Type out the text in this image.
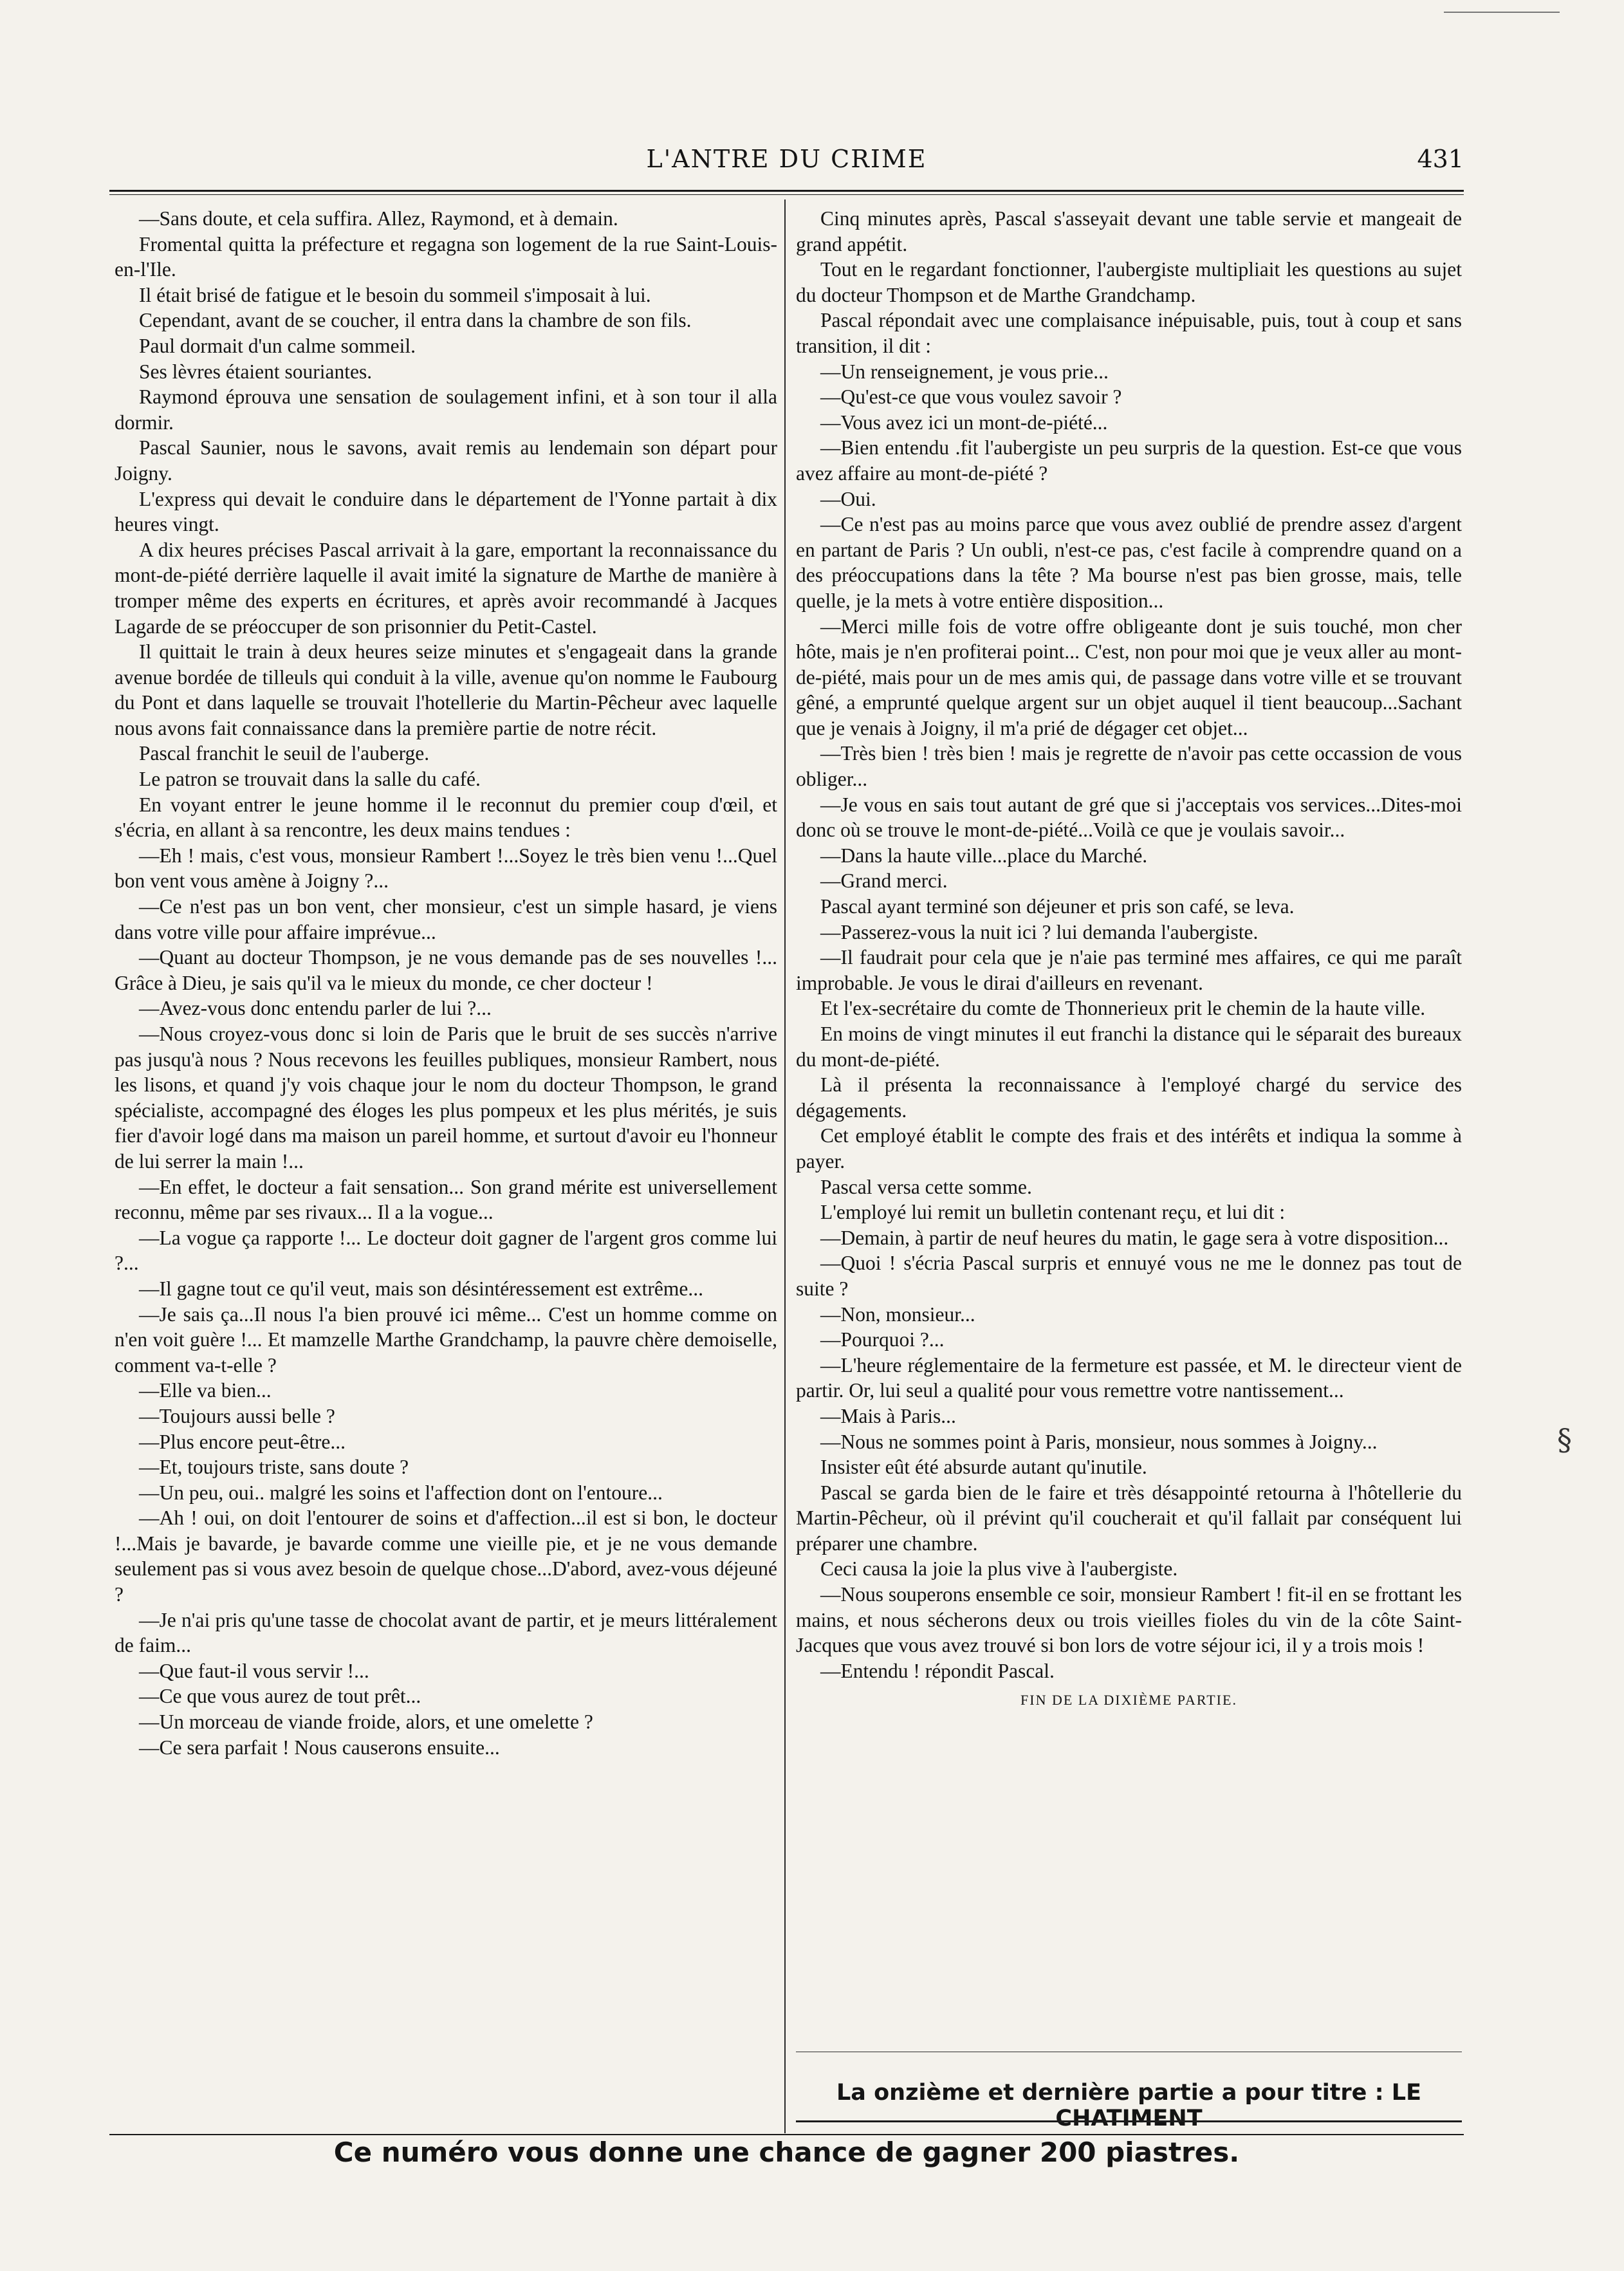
L'ANTRE DU CRIME	431

—Sans doute, et cela suffira. Allez, Raymond, et à demain.

Fromental quitta la préfecture et regagna son logement de la rue Saint-Louis-en-l'Ile.

Il était brisé de fatigue et le besoin du sommeil s'imposait à lui.

Cependant, avant de se coucher, il entra dans la chambre de son fils.

Paul dormait d'un calme sommeil.

Ses lèvres étaient souriantes.

Raymond éprouva une sensation de soulagement infini, et à son tour il alla dormir.

Pascal Saunier, nous le savons, avait remis au lendemain son départ pour Joigny.

L'express qui devait le conduire dans le département de l'Yonne partait à dix heures vingt.

A dix heures précises Pascal arrivait à la gare, emportant la reconnaissance du mont-de-piété derrière laquelle il avait imité la signature de Marthe de manière à tromper même des experts en écritures, et après avoir recommandé à Jacques Lagarde de se préoccuper de son prisonnier du Petit-Castel.

Il quittait le train à deux heures seize minutes et s'engageait dans la grande avenue bordée de tilleuls qui conduit à la ville, avenue qu'on nomme le Faubourg du Pont et dans laquelle se trouvait l'hotellerie du Martin-Pêcheur avec laquelle nous avons fait connaissance dans la première partie de notre récit.

Pascal franchit le seuil de l'auberge.

Le patron se trouvait dans la salle du café.

En voyant entrer le jeune homme il le reconnut du premier coup d'œil, et s'écria, en allant à sa rencontre, les deux mains tendues :

—Eh ! mais, c'est vous, monsieur Rambert !...Soyez le très bien venu !...Quel bon vent vous amène à Joigny ?...

—Ce n'est pas un bon vent, cher monsieur, c'est un simple hasard, je viens dans votre ville pour affaire imprévue...

—Quant au docteur Thompson, je ne vous demande pas de ses nouvelles !... Grâce à Dieu, je sais qu'il va le mieux du monde, ce cher docteur !

—Avez-vous donc entendu parler de lui ?...

—Nous croyez-vous donc si loin de Paris que le bruit de ses succès n'arrive pas jusqu'à nous ? Nous recevons les feuilles publiques, monsieur Rambert, nous les lisons, et quand j'y vois chaque jour le nom du docteur Thompson, le grand spécialiste, accompagné des éloges les plus pompeux et les plus mérités, je suis fier d'avoir logé dans ma maison un pareil homme, et surtout d'avoir eu l'honneur de lui serrer la main !...

—En effet, le docteur a fait sensation... Son grand mérite est universellement reconnu, même par ses rivaux... Il a la vogue...

—La vogue ça rapporte !... Le docteur doit gagner de l'argent gros comme lui ?...

—Il gagne tout ce qu'il veut, mais son désintéressement est extrême...

—Je sais ça...Il nous l'a bien prouvé ici même... C'est un homme comme on n'en voit guère !... Et mamzelle Marthe Grandchamp, la pauvre chère demoiselle, comment va-t-elle ?

—Elle va bien...

—Toujours aussi belle ?

—Plus encore peut-être...

—Et, toujours triste, sans doute ?

—Un peu, oui.. malgré les soins et l'affection dont on l'entoure...

—Ah ! oui, on doit l'entourer de soins et d'affection...il est si bon, le docteur !...Mais je bavarde, je bavarde comme une vieille pie, et je ne vous demande seulement pas si vous avez besoin de quelque chose...D'abord, avez-vous déjeuné ?

—Je n'ai pris qu'une tasse de chocolat avant de partir, et je meurs littéralement de faim...

—Que faut-il vous servir !...

—Ce que vous aurez de tout prêt...

—Un morceau de viande froide, alors, et une omelette ?

—Ce sera parfait ! Nous causerons ensuite...

Cinq minutes après, Pascal s'asseyait devant une table servie et mangeait de grand appétit.

Tout en le regardant fonctionner, l'aubergiste multipliait les questions au sujet du docteur Thompson et de Marthe Grandchamp.

Pascal répondait avec une complaisance inépuisable, puis, tout à coup et sans transition, il dit :

—Un renseignement, je vous prie...

—Qu'est-ce que vous voulez savoir ?

—Vous avez ici un mont-de-piété...

—Bien entendu .fit l'aubergiste un peu surpris de la question. Est-ce que vous avez affaire au mont-de-piété ?

—Oui.

—Ce n'est pas au moins parce que vous avez oublié de prendre assez d'argent en partant de Paris ? Un oubli, n'est-ce pas, c'est facile à comprendre quand on a des préoccupations dans la tête ? Ma bourse n'est pas bien grosse, mais, telle quelle, je la mets à votre entière disposition...

—Merci mille fois de votre offre obligeante dont je suis touché, mon cher hôte, mais je n'en profiterai point... C'est, non pour moi que je veux aller au mont-de-piété, mais pour un de mes amis qui, de passage dans votre ville et se trouvant gêné, a emprunté quelque argent sur un objet auquel il tient beaucoup...Sachant que je venais à Joigny, il m'a prié de dégager cet objet...

—Très bien ! très bien ! mais je regrette de n'avoir pas cette occassion de vous obliger...

—Je vous en sais tout autant de gré que si j'acceptais vos services...Dites-moi donc où se trouve le mont-de-piété...Voilà ce que je voulais savoir...

—Dans la haute ville...place du Marché.

—Grand merci.

Pascal ayant terminé son déjeuner et pris son café, se leva.

—Passerez-vous la nuit ici ? lui demanda l'aubergiste.

—Il faudrait pour cela que je n'aie pas terminé mes affaires, ce qui me paraît improbable. Je vous le dirai d'ailleurs en revenant.

Et l'ex-secrétaire du comte de Thonnerieux prit le chemin de la haute ville.

En moins de vingt minutes il eut franchi la distance qui le séparait des bureaux du mont-de-piété.

Là il présenta la reconnaissance à l'employé chargé du service des dégagements.

Cet employé établit le compte des frais et des intérêts et indiqua la somme à payer.

Pascal versa cette somme.

L'employé lui remit un bulletin contenant reçu, et lui dit :

—Demain, à partir de neuf heures du matin, le gage sera à votre disposition...

—Quoi ! s'écria Pascal surpris et ennuyé vous ne me le donnez pas tout de suite ?

—Non, monsieur...

—Pourquoi ?...

—L'heure réglementaire de la fermeture est passée, et M. le directeur vient de partir. Or, lui seul a qualité pour vous remettre votre nantissement...

—Mais à Paris...

—Nous ne sommes point à Paris, monsieur, nous sommes à Joigny...

Insister eût été absurde autant qu'inutile.

Pascal se garda bien de le faire et très désappointé retourna à l'hôtellerie du Martin-Pêcheur, où il prévint qu'il coucherait et qu'il fallait par conséquent lui préparer une chambre.

Ceci causa la joie la plus vive à l'aubergiste.

—Nous souperons ensemble ce soir, monsieur Rambert ! fit-il en se frottant les mains, et nous sécherons deux ou trois vieilles fioles du vin de la côte Saint-Jacques que vous avez trouvé si bon lors de votre séjour ici, il y a trois mois !

—Entendu ! répondit Pascal.

FIN DE LA DIXIÈME PARTIE.

La onzième et dernière partie a pour titre : LE CHATIMENT
Ce numéro vous donne une chance de gagner 200 piastres.
§
